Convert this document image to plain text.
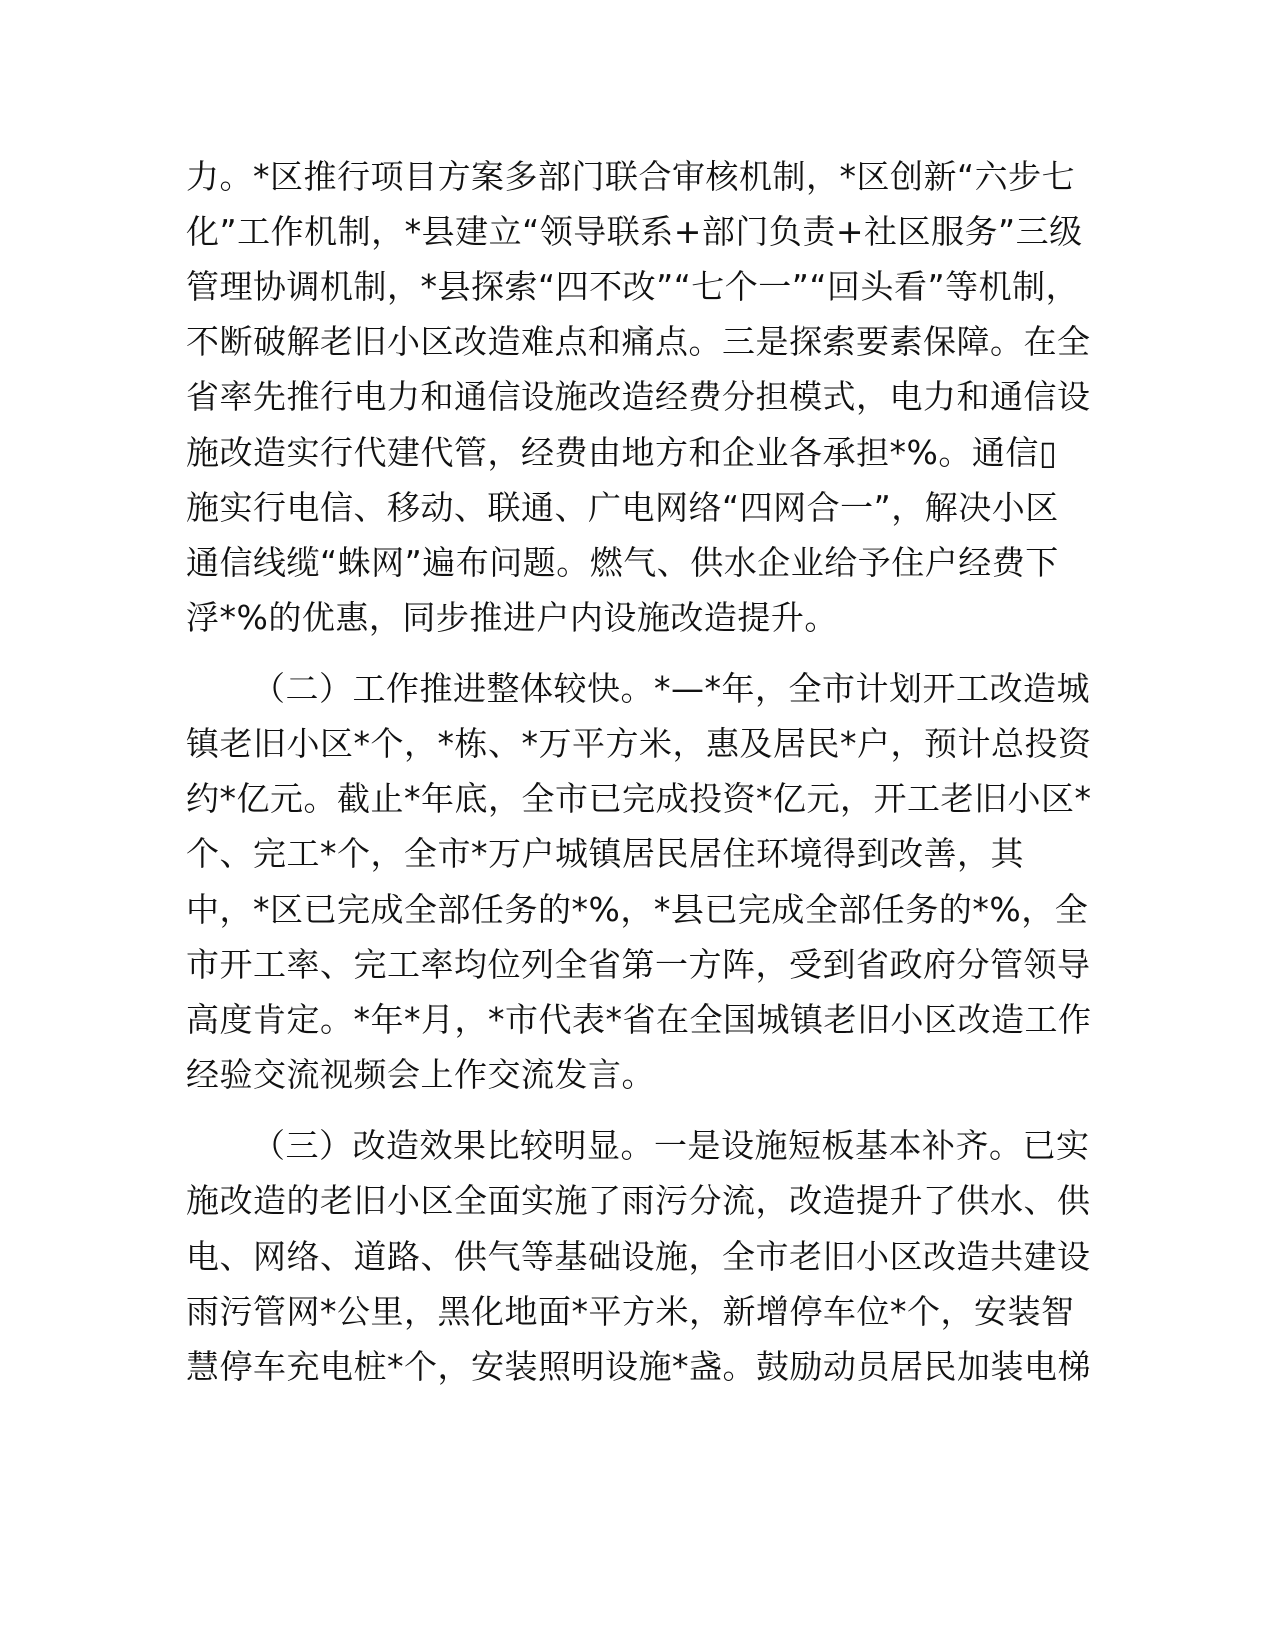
力。*区推行项目方案多部门联合审核机制，*区创新“六步七
化”工作机制，*县建立“领导联系+部门负责+社区服务”三级
管理协调机制，*县探索“四不改”“七个一”“回头看”等机制，
不断破解老旧小区改造难点和痛点。三是探索要素保障。在全
省率先推行电力和通信设施改造经费分担模式，电力和通信设
施改造实行代建代管，经费由地方和企业各承担*%。通信▯
施实行电信、移动、联通、广电网络“四网合一”，解决小区
通信线缆“蛛网”遍布问题。燃气、供水企业给予住户经费下
浮*%的优惠，同步推进户内设施改造提升。
（二）工作推进整体较快。*—*年，全市计划开工改造城
镇老旧小区*个，*栋、*万平方米，惠及居民*户，预计总投资
约*亿元。截止*年底，全市已完成投资*亿元，开工老旧小区*
个、完工*个，全市*万户城镇居民居住环境得到改善，其
中，*区已完成全部任务的*%，*县已完成全部任务的*%，全
市开工率、完工率均位列全省第一方阵，受到省政府分管领导
高度肯定。*年*月，*市代表*省在全国城镇老旧小区改造工作
经验交流视频会上作交流发言。
（三）改造效果比较明显。一是设施短板基本补齐。已实
施改造的老旧小区全面实施了雨污分流，改造提升了供水、供
电、网络、道路、供气等基础设施，全市老旧小区改造共建设
雨污管网*公里，黑化地面*平方米，新增停车位*个，安装智
慧停车充电桩*个，安装照明设施*盏。鼓励动员居民加装电梯
